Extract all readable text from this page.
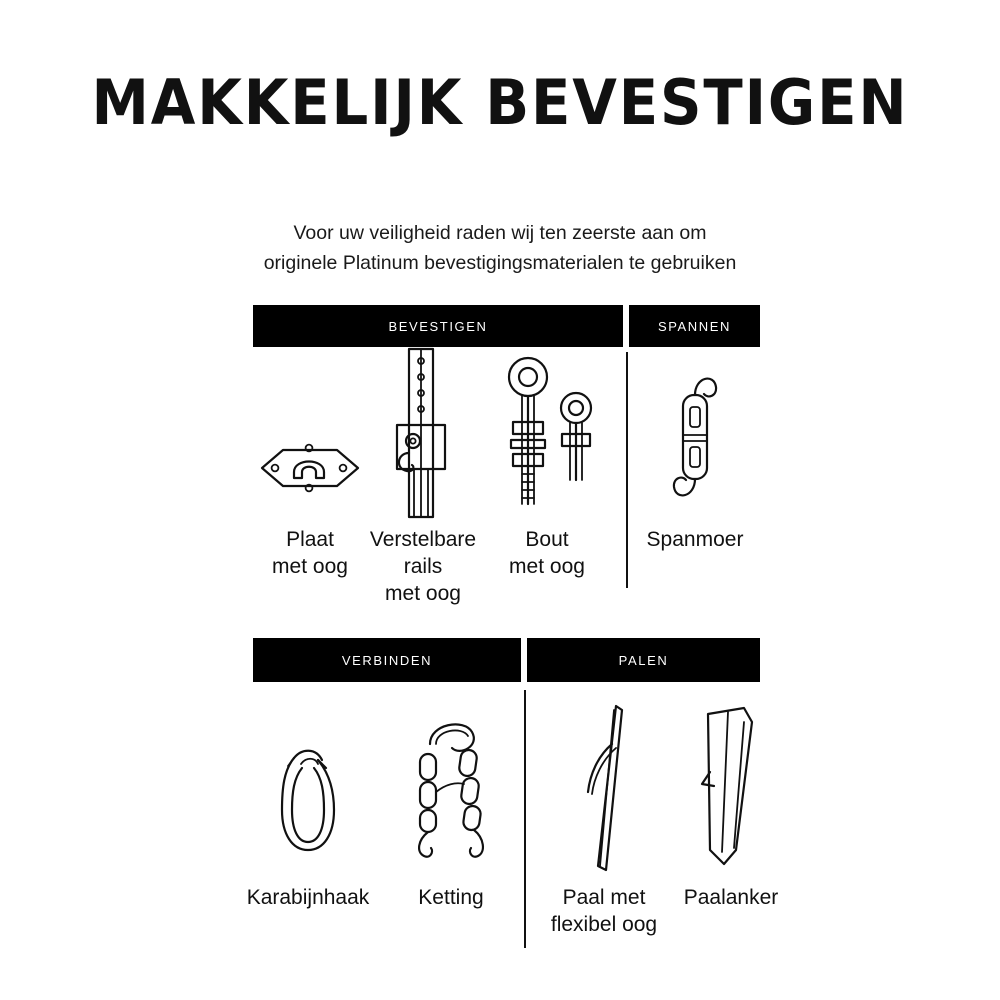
MAKKELIJK BEVESTIGEN
Voor uw veiligheid raden wij ten zeerste aan om
originele Platinum bevestigingsmaterialen te gebruiken
BEVESTIGEN	SPANNEN
VERBINDEN	PALEN
Plaat
met oog
Verstelbare
rails
met oog
Bout
met oog
Spanmoer
Karabijnhaak	Ketting	Paal met
flexibel oog
Paalanker
